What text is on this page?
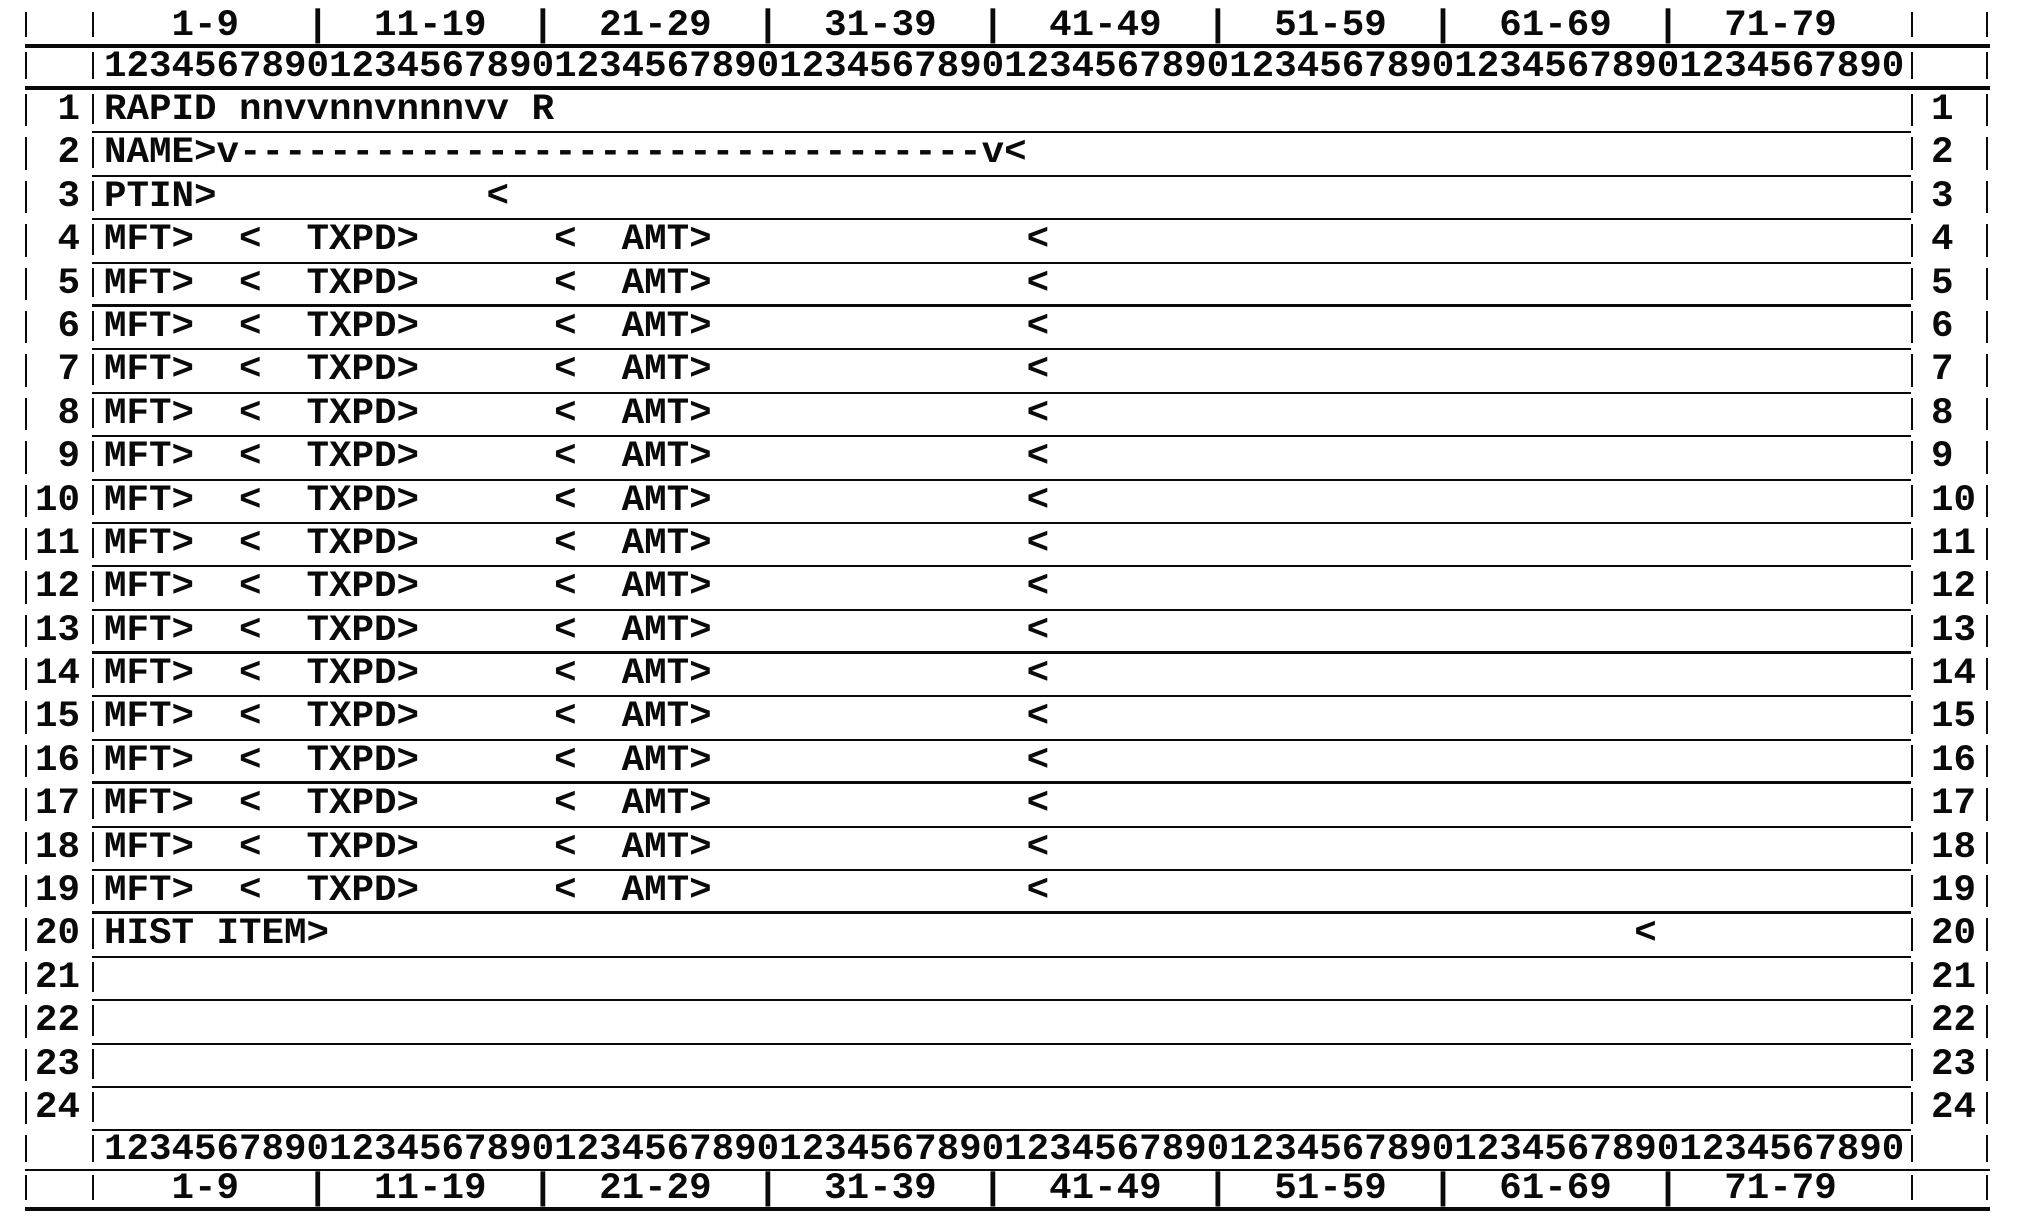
1-9   |  11-19  |  21-29  |  31-39  |  41-49  |  51-59  |  61-69  |  71-79
12345678901234567890123456789012345678901234567890123456789012345678901234567890
1 RAPID nnvvnnvnnnvv R	1
2 NAME>v---------------------------------v<	2
3 PTIN>            <	3
4 MFT>  <  TXPD>      <  AMT>              <	4
5 MFT>  <  TXPD>      <  AMT>              <	5
6 MFT>  <  TXPD>      <  AMT>              <	6
7 MFT>  <  TXPD>      <  AMT>              <	7
8 MFT>  <  TXPD>      <  AMT>              <	8
9 MFT>  <  TXPD>      <  AMT>              <	9
10 MFT>  <  TXPD>      <  AMT>              <	10
11 MFT>  <  TXPD>      <  AMT>              <	11
12 MFT>  <  TXPD>      <  AMT>              <	12
13 MFT>  <  TXPD>      <  AMT>              <	13
14 MFT>  <  TXPD>      <  AMT>              <	14
15 MFT>  <  TXPD>      <  AMT>              <	15
16 MFT>  <  TXPD>      <  AMT>              <	16
17 MFT>  <  TXPD>      <  AMT>              <	17
18 MFT>  <  TXPD>      <  AMT>              <	18
19 MFT>  <  TXPD>      <  AMT>              <	19
20 HIST ITEM>                                                          <	20
21	21
22	22
23	23
24	24
12345678901234567890123456789012345678901234567890123456789012345678901234567890
1-9   |  11-19  |  21-29  |  31-39  |  41-49  |  51-59  |  61-69  |  71-79
